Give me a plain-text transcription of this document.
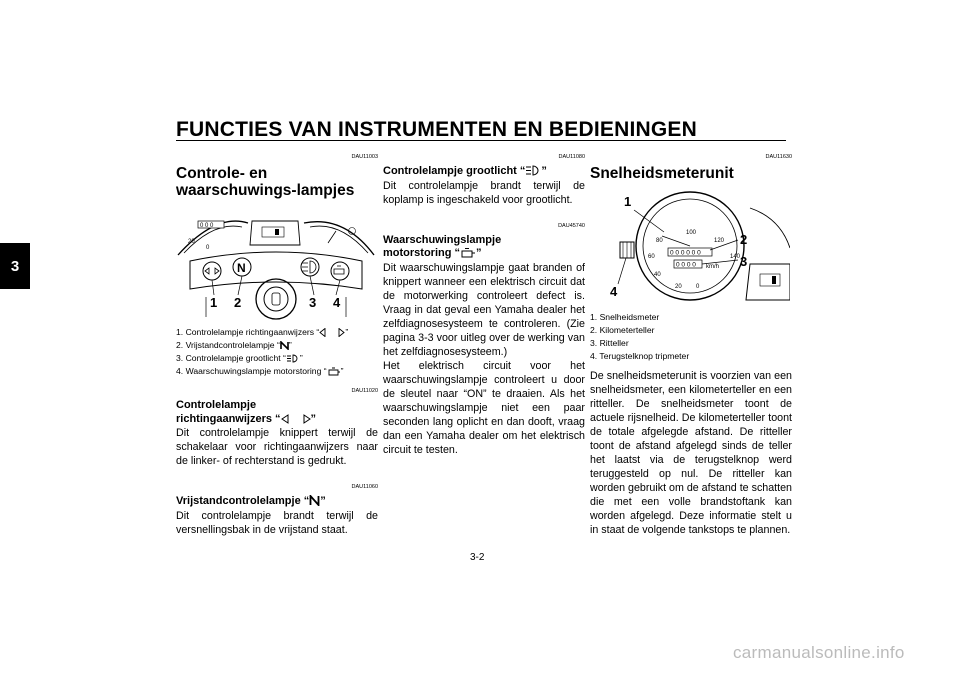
FUNCTIES VAN INSTRUMENTEN EN BEDIENINGEN
3
DAU11003
Controle- en waarschuwings-lampjes
0 0 0
20
0
N
1 2	3 4
1. Controlelampje richtingaanwijzers “	”
2. Vrijstandcontrolelampje “ ”
3. Controlelampje grootlicht “ ”
4. Waarschuwingslampje motorstoring “ ”
DAU11020
Controlelampje
richtingaanwijzers “	”

Dit controlelampje knippert terwijl de schakelaar voor richtingaanwijzers naar de linker- of rechterstand is gedrukt.

DAU11060
Vrijstandcontrolelampje “ ”

Dit controlelampje brandt terwijl de versnellingsbak in de vrijstand staat.

DAU11080
Controlelampje grootlicht “ ”

Dit controlelampje brandt terwijl de koplamp is ingeschakeld voor grootlicht.

DAU45740
Waarschuwingslampje
motorstoring “ ”

Dit waarschuwingslampje gaat branden of knippert wanneer een elektrisch circuit dat de motorwerking controleert defect is. Vraag in dat geval een Yamaha dealer het zelfdiagnosesysteem te controleren. (Zie pagina 3-3 voor uitleg over de werking van het zelfdiagnosesysteem.)

Het elektrisch circuit voor het waarschuwingslampje controleert u door de sleutel naar “ON” te draaien. Als het waarschuwingslampje niet een paar seconden lang oplicht en dan dooft, vraag dan een Yamaha dealer om het elektrisch circuit te testen.

DAU11630
Snelheidsmeterunit
20
40
60
80
100
120
140
0
0 0 0 0 0 0
km/h
0 0 0 0
1
2
3
4
1. Snelheidsmeter
2. Kilometerteller
3. Ritteller
4. Terugstelknop tripmeter

De snelheidsmeterunit is voorzien van een snelheidsmeter, een kilometerteller en een ritteller. De snelheidsmeter toont de actuele rijsnelheid. De kilometerteller toont de totale afgelegde afstand. De ritteller toont de afstand afgelegd sinds de teller het laatst via de terugstelknop werd teruggesteld op nul. De ritteller kan worden gebruikt om de afstand te schatten die met een volle brandstoftank kan worden afgelegd. Deze informatie stelt u in staat de volgende tankstops te plannen.

3-2
carmanualsonline.info
